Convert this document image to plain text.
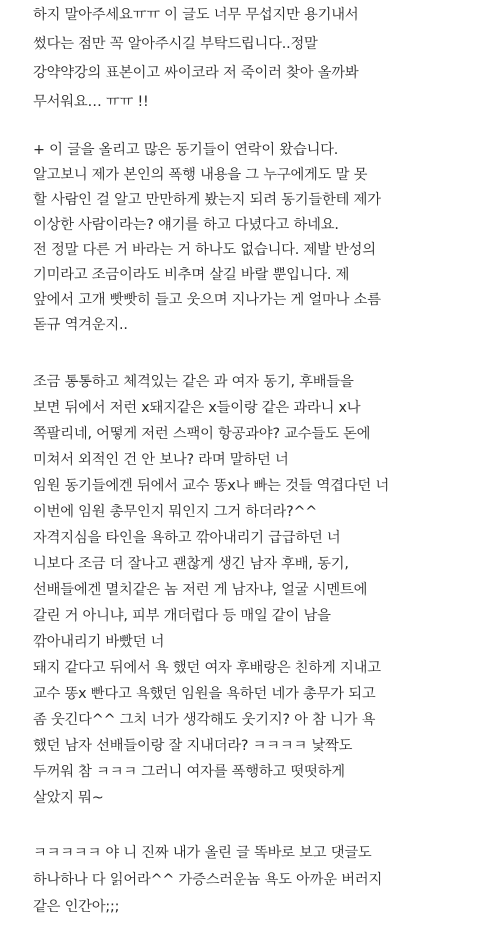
하지 말아주세요ㅠㅠ 이 글도 너무 무섭지만 용기내서
썼다는 점만 꼭 알아주시길 부탁드립니다..정말
강약약강의 표본이고 싸이코라 저 죽이러 찾아 올까봐
무서워요… ㅠㅠ !!
+ 이 글을 올리고 많은 동기들이 연락이 왔습니다.
알고보니 제가 본인의 폭행 내용을 그 누구에게도 말 못
할 사람인 걸 알고 만만하게 봤는지 되려 동기들한테 제가
이상한 사람이라는? 얘기를 하고 다녔다고 하네요.
전 정말 다른 거 바라는 거 하나도 없습니다. 제발 반성의
기미라고 조금이라도 비추며 살길 바랄 뿐입니다. 제
앞에서 고개 빳빳히 들고 웃으며 지나가는 게 얼마나 소름
돋규 역겨운지..
조금 통통하고 체격있는 같은 과 여자 동기, 후배들을
보면 뒤에서 저런 x돼지같은 x들이랑 같은 과라니 x나
쪽팔리네, 어떻게 저런 스팩이 항공과야? 교수들도 돈에
미쳐서 외적인 건 안 보나? 라며 말하던 너
임원 동기들에겐 뒤에서 교수 똥x나 빠는 것들 역겹다던 너
이번에 임원 총무인지 뭐인지 그거 하더라?^^
자격지심을 타인을 욕하고 깎아내리기 급급하던 너
니보다 조금 더 잘나고 괜찮게 생긴 남자 후배, 동기,
선배들에겐 멸치같은 놈 저런 게 남자냐, 얼굴 시멘트에
갈린 거 아니냐, 피부 개더럽다 등 매일 같이 남을
깎아내리기 바빴던 너
돼지 같다고 뒤에서 욕 했던 여자 후배랑은 친하게 지내고
교수 똥x 빤다고 욕했던 임원을 욕하던 네가 총무가 되고
좀 웃긴다^^ 그치 너가 생각해도 웃기지? 아 참 니가 욕
했던 남자 선배들이랑 잘 지내더라? ㅋㅋㅋㅋ 낯짝도
두꺼워 참 ㅋㅋㅋ 그러니 여자를 폭행하고 떳떳하게
살았지 뭐~
ㅋㅋㅋㅋㅋ 야 니 진짜 내가 올린 글 똑바로 보고 댓글도
하나하나 다 읽어라^^ 가증스러운놈 욕도 아까운 버러지
같은 인간아;;;
